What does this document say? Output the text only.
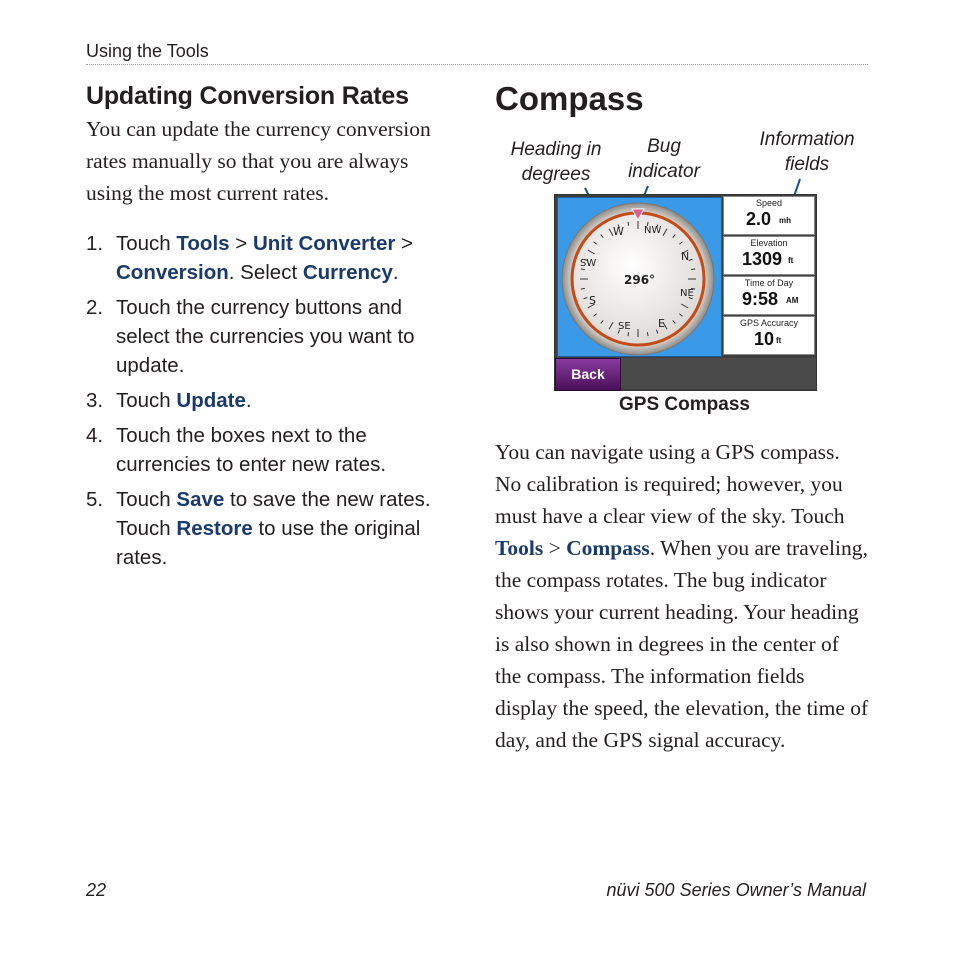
Using the Tools
Updating Conversion Rates

You can update the currency conversion rates manually so that you are always using the most current rates.

1. Touch Tools > Unit Converter > Conversion. Select Currency.
2. Touch the currency buttons and select the currencies you want to update.
3. Touch Update.
4. Touch the boxes next to the currencies to enter new rates.
5. Touch Save to save the new rates. Touch Restore to use the original rates.
Compass
Heading in degrees
Bug indicator
Information fields
W NW
N
NE
E
SE
S
SW
296°
Speed
2.0 mh
Elevation
1309 ft
Time of Day
9:58 AM
GPS Accuracy
10 ft
Back
GPS Compass

You can navigate using a GPS compass. No calibration is required; however, you must have a clear view of the sky. Touch Tools > Compass. When you are traveling, the compass rotates. The bug indicator shows your current heading. Your heading is also shown in degrees in the center of the compass. The information fields display the speed, the elevation, the time of day, and the GPS signal accuracy.

22	nüvi 500 Series Owner’s Manual
